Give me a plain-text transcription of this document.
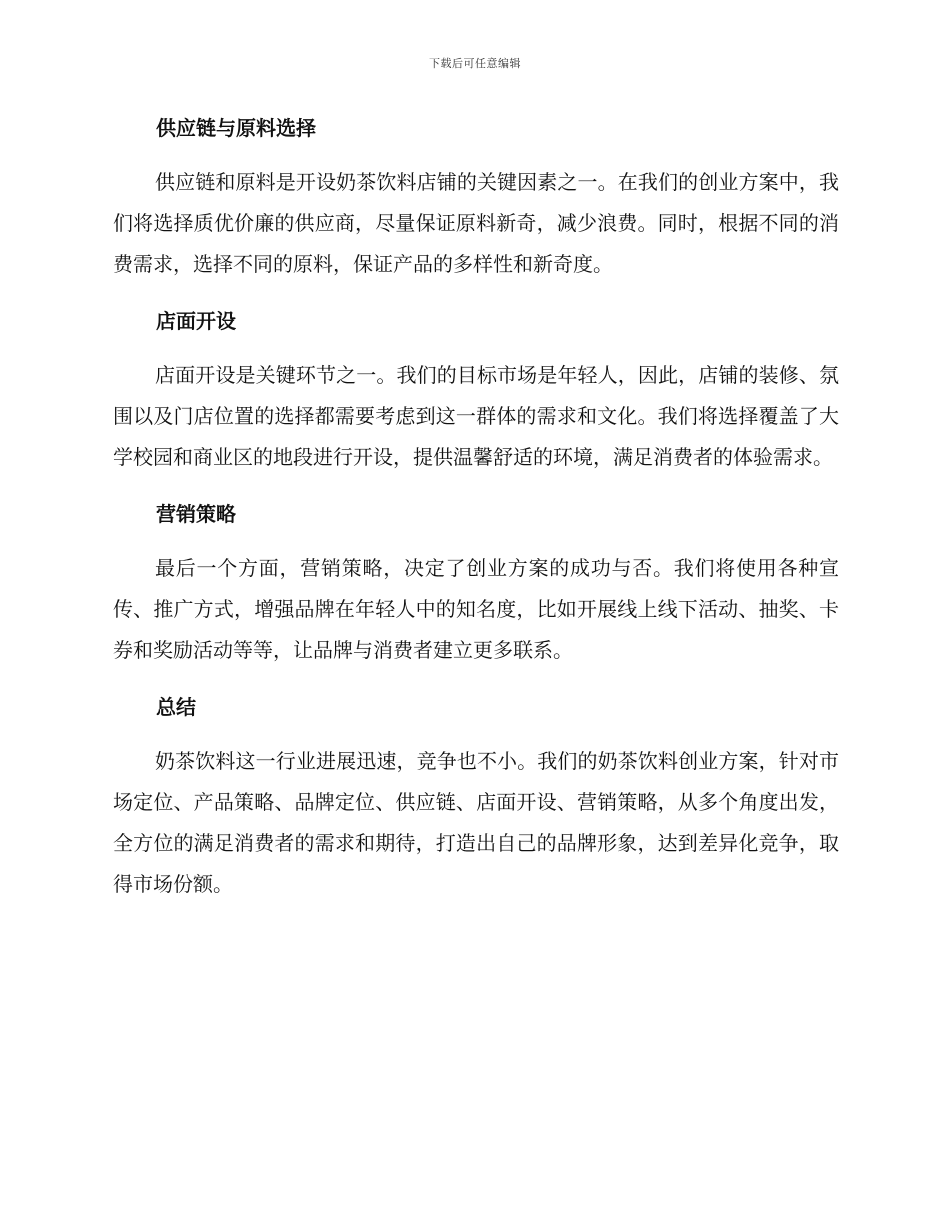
下载后可任意编辑
供应链与原料选择

供应链和原料是开设奶茶饮料店铺的关键因素之一。在我们的创业方案中，我们将选择质优价廉的供应商，尽量保证原料新奇，减少浪费。同时，根据不同的消费需求，选择不同的原料，保证产品的多样性和新奇度。

店面开设

店面开设是关键环节之一。我们的目标市场是年轻人，因此，店铺的装修、氛围以及门店位置的选择都需要考虑到这一群体的需求和文化。我们将选择覆盖了大学校园和商业区的地段进行开设，提供温馨舒适的环境，满足消费者的体验需求。

营销策略

最后一个方面，营销策略，决定了创业方案的成功与否。我们将使用各种宣传、推广方式，增强品牌在年轻人中的知名度，比如开展线上线下活动、抽奖、卡券和奖励活动等等，让品牌与消费者建立更多联系。

总结

奶茶饮料这一行业进展迅速，竞争也不小。我们的奶茶饮料创业方案，针对市场定位、产品策略、品牌定位、供应链、店面开设、营销策略，从多个角度出发，全方位的满足消费者的需求和期待，打造出自己的品牌形象，达到差异化竞争，取得市场份额。
